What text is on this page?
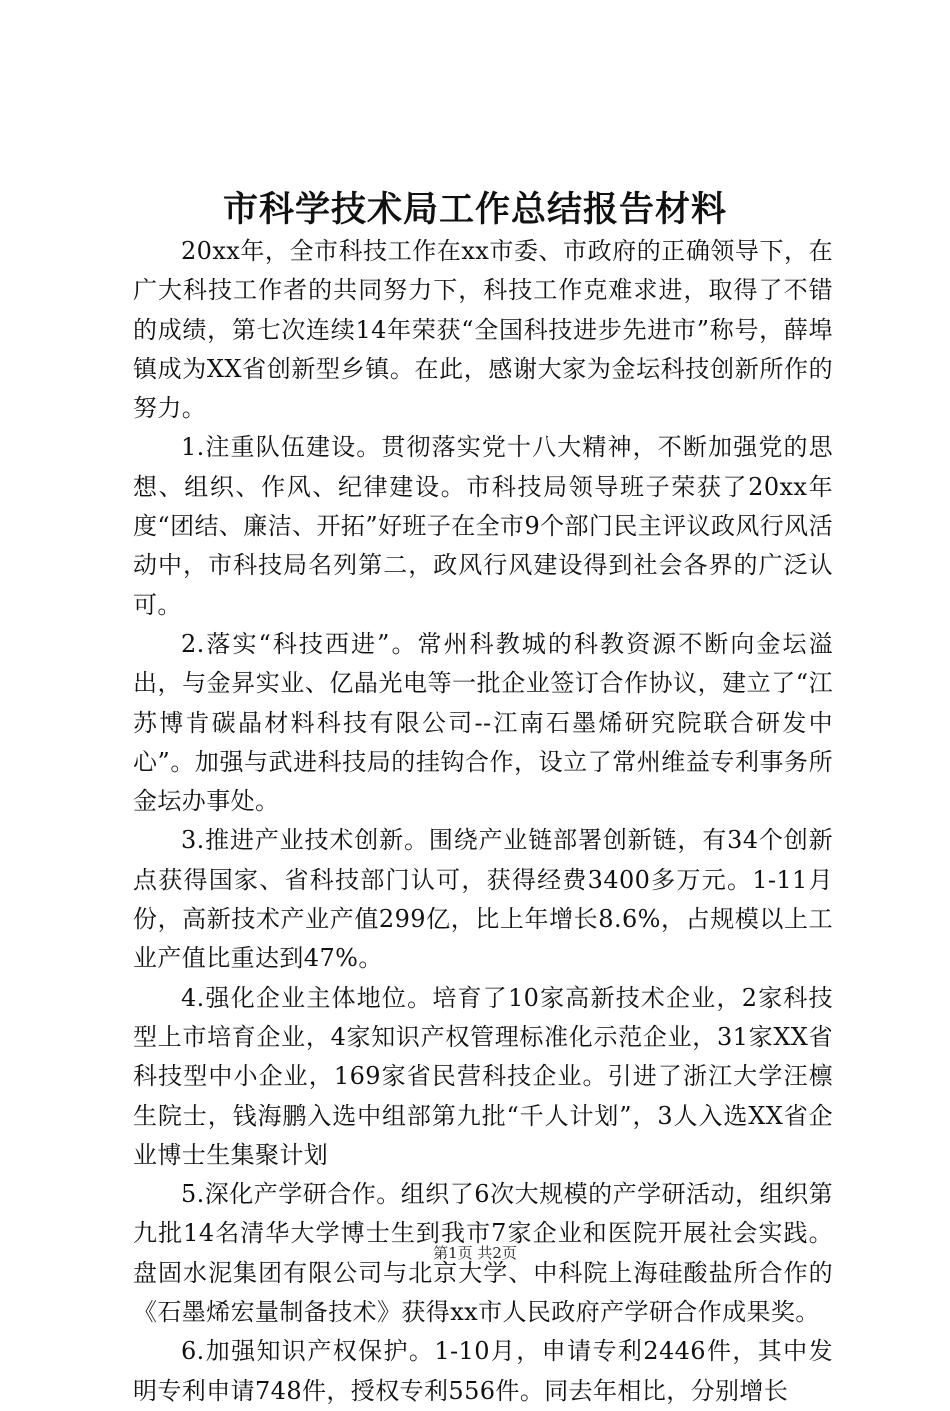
市科学技术局工作总结报告材料

20xx年，全市科技工作在xx市委、市政府的正确领导下，在广大科技工作者的共同努力下，科技工作克难求进，取得了不错的成绩，第七次连续14年荣获“全国科技进步先进市”称号，薛埠镇成为XX省创新型乡镇。在此，感谢大家为金坛科技创新所作的努力。

1.注重队伍建设。贯彻落实党十八大精神，不断加强党的思想、组织、作风、纪律建设。市科技局领导班子荣获了20xx年度“团结、廉洁、开拓”好班子在全市9个部门民主评议政风行风活动中，市科技局名列第二，政风行风建设得到社会各界的广泛认可。

2.落实“科技西进”。常州科教城的科教资源不断向金坛溢出，与金昇实业、亿晶光电等一批企业签订合作协议，建立了“江苏博肯碳晶材料科技有限公司--江南石墨烯研究院联合研发中心”。加强与武进科技局的挂钩合作，设立了常州维益专利事务所金坛办事处。

3.推进产业技术创新。围绕产业链部署创新链，有34个创新点获得国家、省科技部门认可，获得经费3400多万元。1-11月份，高新技术产业产值299亿，比上年增长8.6%，占规模以上工业产值比重达到47%。

4.强化企业主体地位。培育了10家高新技术企业，2家科技型上市培育企业，4家知识产权管理标准化示范企业，31家XX省科技型中小企业，169家省民营科技企业。引进了浙江大学汪檩生院士，钱海鹏入选中组部第九批“千人计划”，3人入选XX省企业博士生集聚计划

5.深化产学研合作。组织了6次大规模的产学研活动，组织第九批14名清华大学博士生到我市7家企业和医院开展社会实践。盘固水泥集团有限公司与北京大学、中科院上海硅酸盐所合作的《石墨烯宏量制备技术》获得xx市人民政府产学研合作成果奖。

6.加强知识产权保护。1-10月，申请专利2446件，其中发明专利申请748件，授权专利556件。同去年相比，分别增长

第1页 共2页
